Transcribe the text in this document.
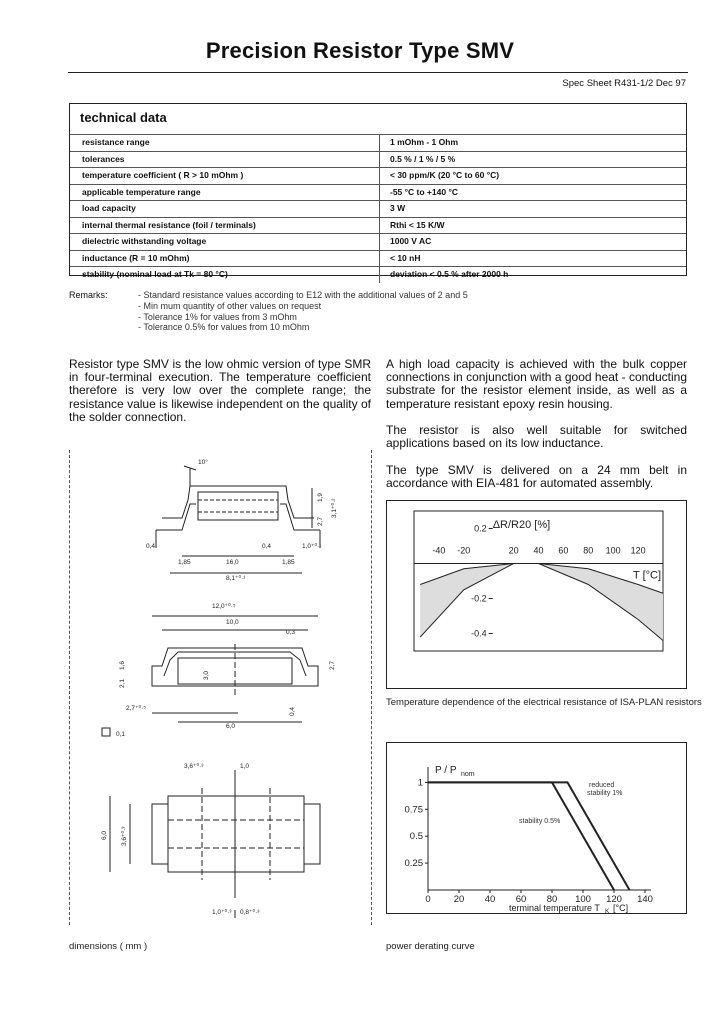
Precision Resistor Type SMV
Spec Sheet R431-1/2 Dec 97
technical data
resistance range	1 mOhm - 1 Ohm
tolerances	0.5 % / 1 % / 5 %
temperature coefficient ( R > 10 mOhm )	< 30 ppm/K (20 °C to 60 °C)
applicable temperature range	-55 °C to +140 °C
load capacity	3 W
internal thermal resistance (foil / terminals)	Rthi < 15 K/W
dielectric withstanding voltage	1000 V AC
inductance (R = 10 mOhm)	< 10 nH
stability (nominal load at Tk = 80 °C)	deviation < 0.5 % after 2000 h
Remarks:	- Standard resistance values according to E12 with the additional values of 2 and 5
- Min mum quantity of other values on request
- Tolerance 1% for values from 3 mOhm
- Tolerance 0.5% for values from 10 mOhm
Resistor type SMV is the low ohmic version of type SMR in four-terminal execution. The temperature coefficient therefore is very low over the complete range; the resistance value is likewise independent on the quality of the solder connection.
A high load capacity is achieved with the bulk copper connections in conjunction with a good heat - conducting substrate for the resistor element inside, as well as a temperature resistant epoxy resin housing.
The resistor is also well suitable for switched applications based on its low inductance.
The type SMV is delivered on a 24 mm belt in accordance with EIA-481 for automated assembly.
10°
1,9
2,7
3,1⁺⁰·²
0,4	0,4
1,85	16,0	1,85
1,0⁺⁰·¹
8,1⁺⁰·¹
12,0⁺⁰·⁵
10,0
0,3
1,6
3,0
2,1
2,7
0,4
2,7⁺⁰·⁵
6,0
0,1
3,6⁺⁰·³	1,0
6,0 3,6⁺⁰·³
1,0⁺⁰·³ 0,8⁺⁰·³
dimensions ( mm )
-40 -20	20 40 60 80 100 120
0.2
-0.2
-0.4
ΔR/R20 [%]
T [°C]
Temperature dependence of the electrical resistance of ISA-PLAN resistors
0 20 40 60 80 100 120 140
1
0.75
0.5
0.25
P / P nom
reduced
stability 1%
stability 0.5%
terminal temperature T K [°C]
power derating curve
